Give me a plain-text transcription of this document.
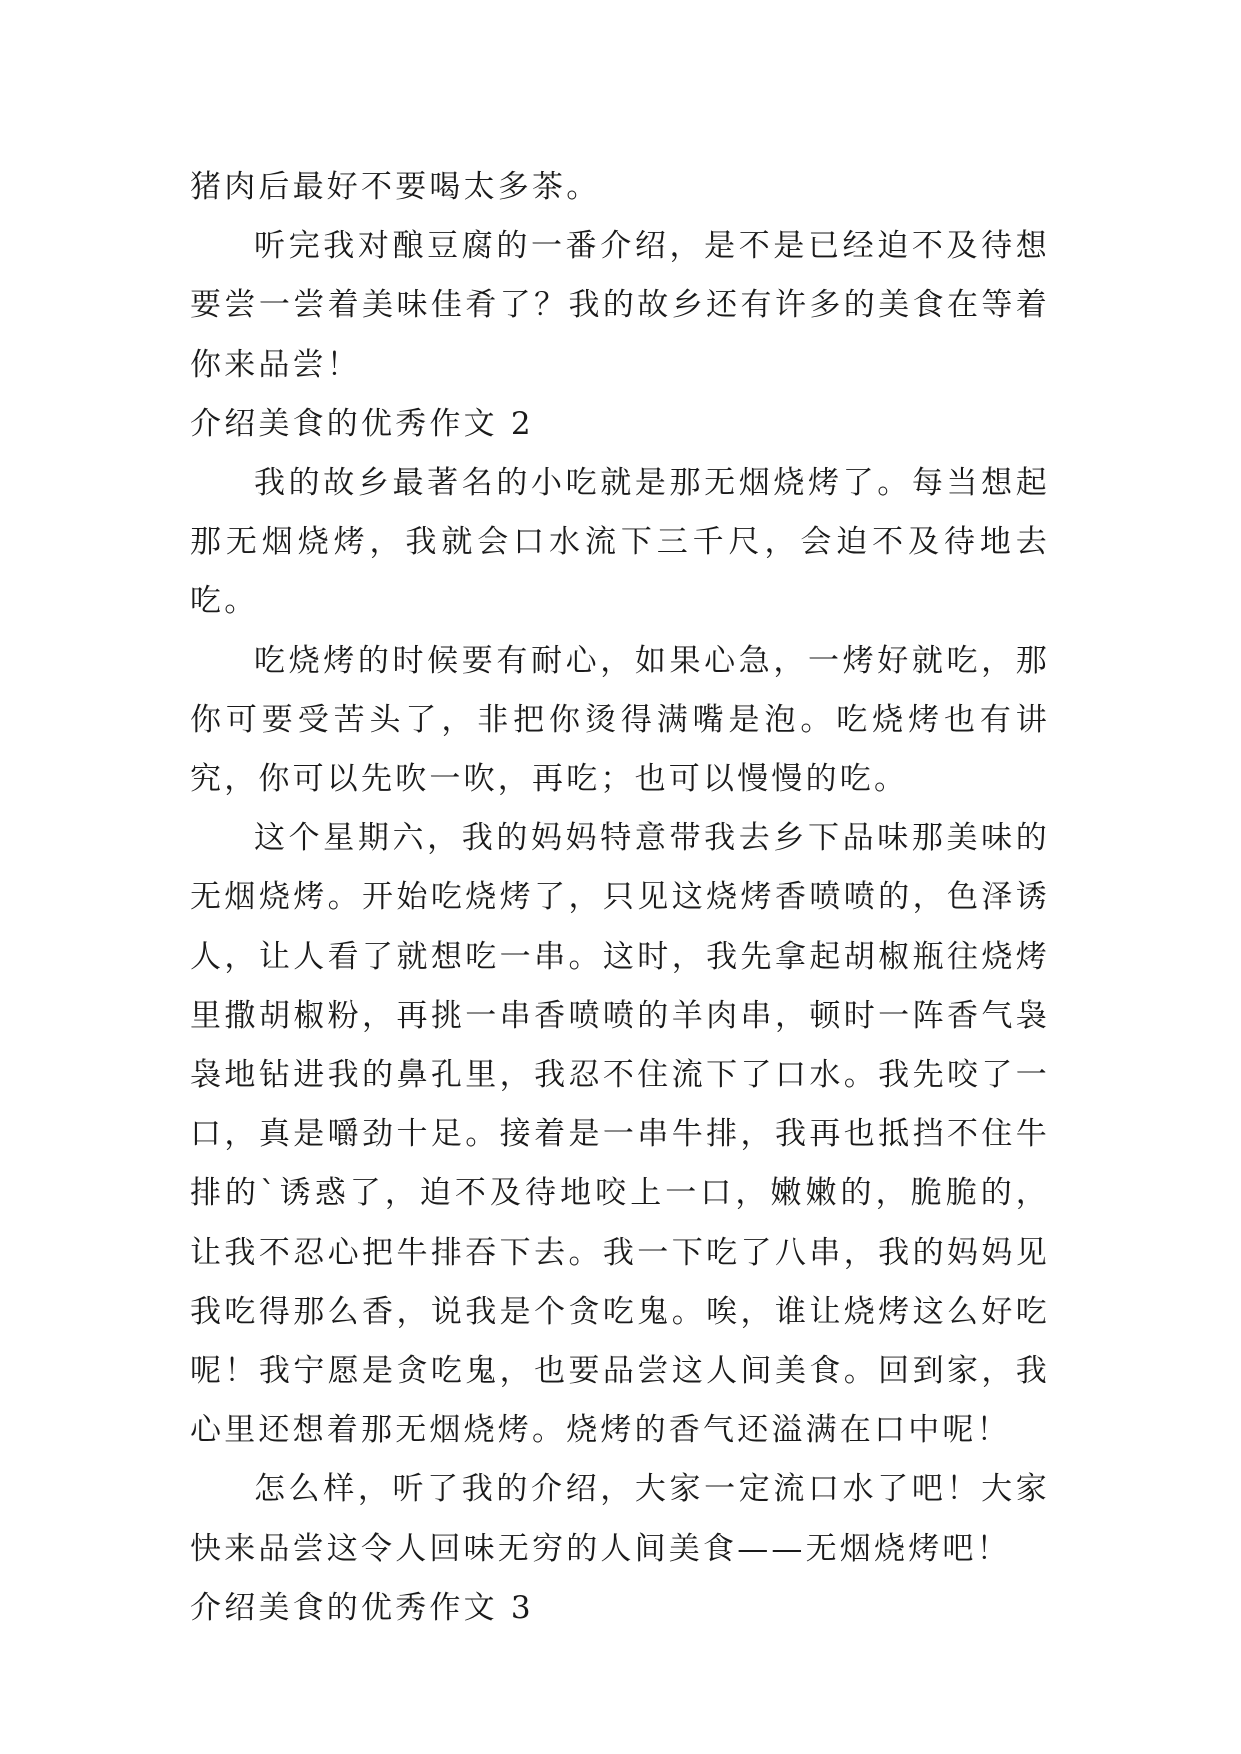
猪肉后最好不要喝太多茶。

听完我对酿豆腐的一番介绍，是不是已经迫不及待想要尝一尝着美味佳肴了？我的故乡还有许多的美食在等着你来品尝！

介绍美食的优秀作文 2

我的故乡最著名的小吃就是那无烟烧烤了。每当想起那无烟烧烤，我就会口水流下三千尺，会迫不及待地去吃。

吃烧烤的时候要有耐心，如果心急，一烤好就吃，那你可要受苦头了，非把你烫得满嘴是泡。吃烧烤也有讲究，你可以先吹一吹，再吃；也可以慢慢的吃。

这个星期六，我的妈妈特意带我去乡下品味那美味的无烟烧烤。开始吃烧烤了，只见这烧烤香喷喷的，色泽诱人，让人看了就想吃一串。这时，我先拿起胡椒瓶往烧烤里撒胡椒粉，再挑一串香喷喷的羊肉串，顿时一阵香气袅袅地钻进我的鼻孔里，我忍不住流下了口水。我先咬了一口，真是嚼劲十足。接着是一串牛排，我再也抵挡不住牛排的`诱惑了，迫不及待地咬上一口，嫩嫩的，脆脆的，让我不忍心把牛排吞下去。我一下吃了八串，我的妈妈见我吃得那么香，说我是个贪吃鬼。唉，谁让烧烤这么好吃呢！我宁愿是贪吃鬼，也要品尝这人间美食。回到家，我心里还想着那无烟烧烤。烧烤的香气还溢满在口中呢！

怎么样，听了我的介绍，大家一定流口水了吧！大家快来品尝这令人回味无穷的人间美食——无烟烧烤吧！

介绍美食的优秀作文 3
